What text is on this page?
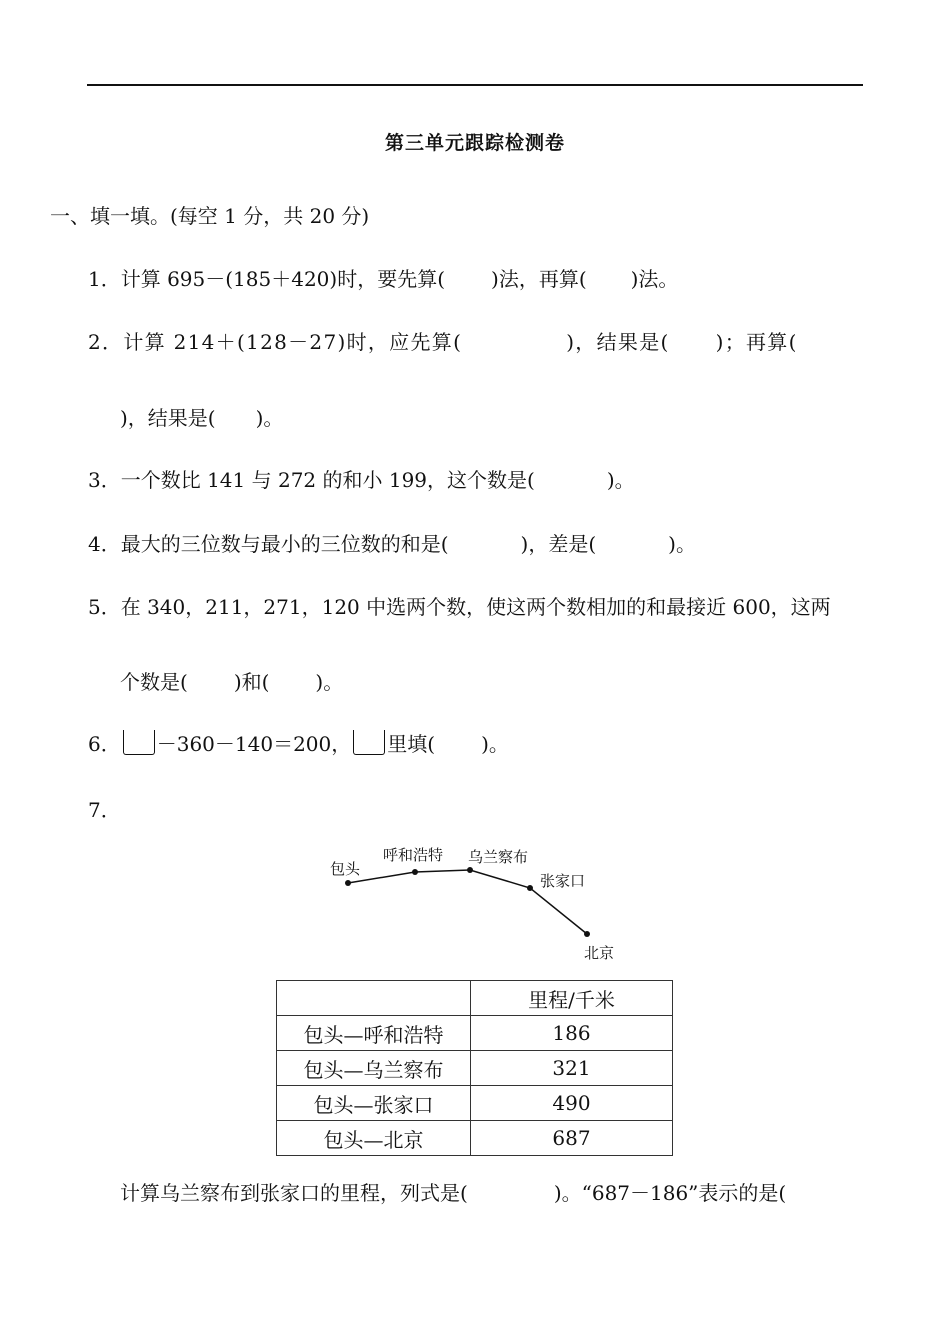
第三单元跟踪检测卷
一、填一填。(每空 1 分，共 20 分)
1．计算 695－(185＋420)时，要先算( )法，再算( )法。
2．计算 214＋(128－27)时，应先算(	)，结果是( )；再算(
)，结果是( )。
3．一个数比 141 与 272 的和小 199，这个数是(	)。
4．最大的三位数与最小的三位数的和是(	)，差是(	)。
5．在 340，211，271，120 中选两个数，使这两个数相加的和最接近 600，这两
个数是( )和( )。
6． －360－140＝200， 里填( )。
7．
包头
呼和浩特 乌兰察布
张家口
北京
	里程/千米
包头—呼和浩特	186
包头—乌兰察布	321
包头—张家口	490
包头—北京	687
计算乌兰察布到张家口的里程，列式是(	)。“687－186”表示的是(
